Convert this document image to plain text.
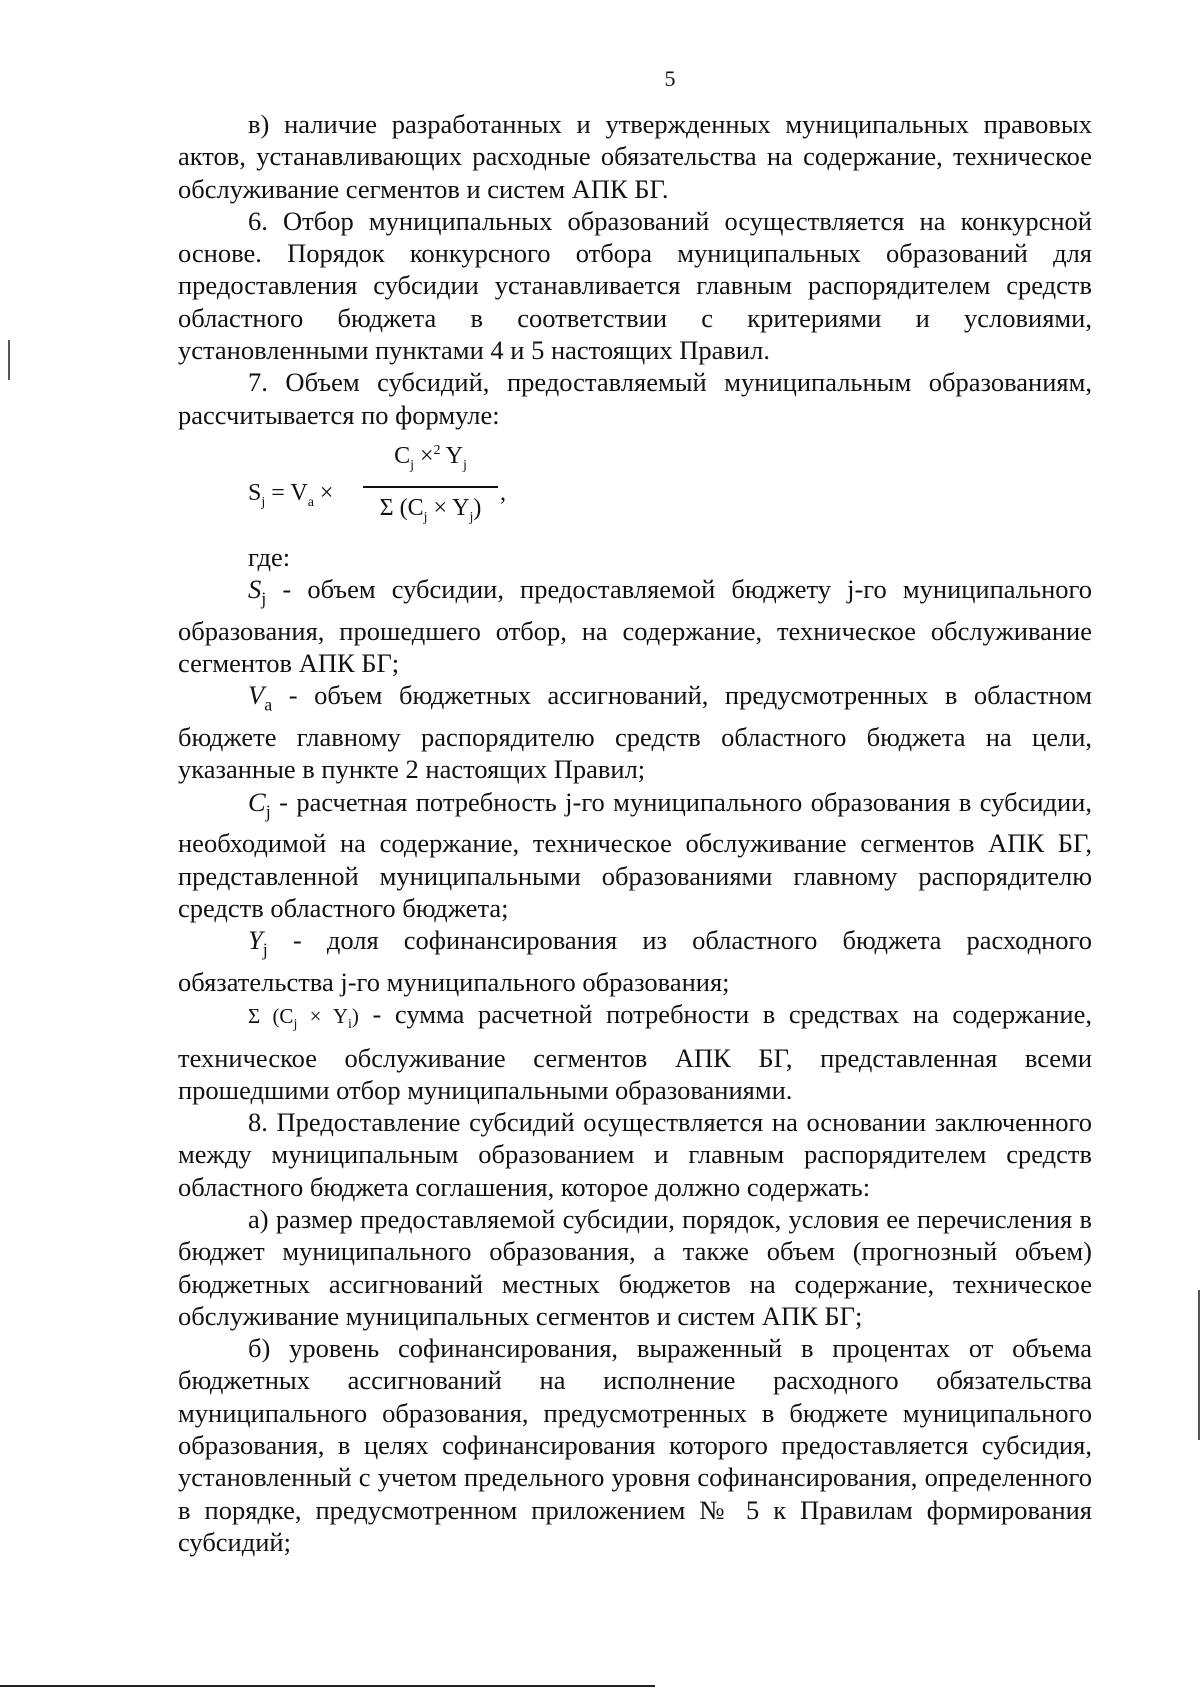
5

в) наличие разработанных и утвержденных муниципальных правовых актов, устанавливающих расходные обязательства на содержание, техническое обслуживание сегментов и систем АПК БГ.

6. Отбор муниципальных образований осуществляется на конкурсной основе. Порядок конкурсного отбора муниципальных образований для предоставления субсидии устанавливается главным распорядителем средств областного бюджета в соответствии с критериями и условиями, установленными пунктами 4 и 5 настоящих Правил.

7. Объем субсидий, предоставляемый муниципальным образованиям, рассчитывается по формуле:

$S_j = V_a \times \frac{C_j \times^2 Y_j}{\Sigma (C_j \times Y_j)}$ ,

где:

$S_j$ - объем субсидии, предоставляемой бюджету j-го муниципального образования, прошедшего отбор, на содержание, техническое обслуживание сегментов АПК БГ;

$V_a$ - объем бюджетных ассигнований, предусмотренных в областном бюджете главному распорядителю средств областного бюджета на цели, указанные в пункте 2 настоящих Правил;

$C_j$ - расчетная потребность j-го муниципального образования в субсидии, необходимой на содержание, техническое обслуживание сегментов АПК БГ, представленной муниципальными образованиями главному распорядителю средств областного бюджета;

$Y_j$ - доля софинансирования из областного бюджета расходного обязательства j-го муниципального образования;

Σ $(C_j \times Y_i)$ - сумма расчетной потребности в средствах на содержание, техническое обслуживание сегментов АПК БГ, представленная всеми прошедшими отбор муниципальными образованиями.

8. Предоставление субсидий осуществляется на основании заключенного между муниципальным образованием и главным распорядителем средств областного бюджета соглашения, которое должно содержать:

а) размер предоставляемой субсидии, порядок, условия ее перечисления в бюджет муниципального образования, а также объем (прогнозный объем) бюджетных ассигнований местных бюджетов на содержание, техническое обслуживание муниципальных сегментов и систем АПК БГ;

б) уровень софинансирования, выраженный в процентах от объема бюджетных ассигнований на исполнение расходного обязательства муниципального образования, предусмотренных в бюджете муниципального образования, в целях софинансирования которого предоставляется субсидия, установленный с учетом предельного уровня софинансирования, определенного в порядке, предусмотренном приложением № 5 к Правилам формирования субсидий;
